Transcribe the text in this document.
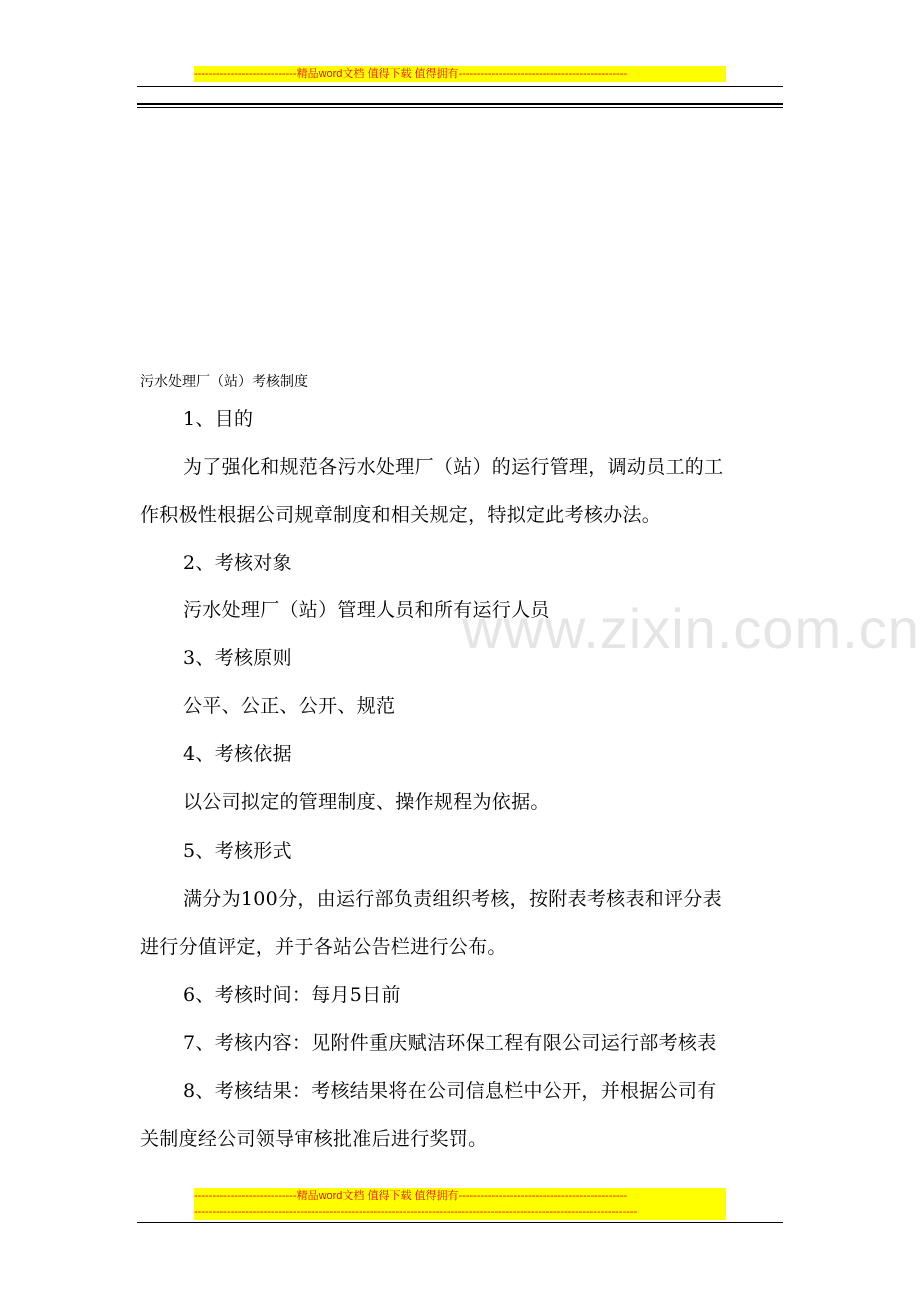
----------------------------精品word文档 值得下载 值得拥有----------------------------------------------
污水处理厂（站）考核制度
www.zixin.com.cn
1、目的
为了强化和规范各污水处理厂（站）的运行管理，调动员工的工
作积极性根据公司规章制度和相关规定，特拟定此考核办法。
2、考核对象
污水处理厂（站）管理人员和所有运行人员
3、考核原则
公平、公正、公开、规范
4、考核依据
以公司拟定的管理制度、操作规程为依据。
5、考核形式
满分为100分，由运行部负责组织考核，按附表考核表和评分表
进行分值评定，并于各站公告栏进行公布。
6、考核时间：每月5日前
7、考核内容：见附件重庆赋洁环保工程有限公司运行部考核表
8、考核结果：考核结果将在公司信息栏中公开，并根据公司有
关制度经公司领导审核批准后进行奖罚。
----------------------------精品word文档 值得下载 值得拥有----------------------------------------------
-------------------------------------------------------------------------------------------------------------------------
